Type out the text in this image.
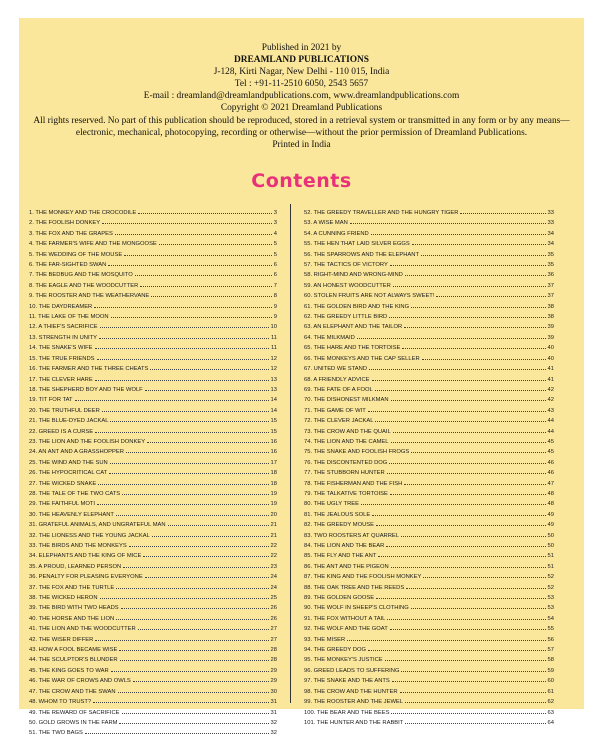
Published in 2021 by
DREAMLAND PUBLICATIONS
J-128, Kirti Nagar, New Delhi - 110 015, India
Tel : +91-11-2510 6050, 2543 5657
E-mail : dreamland@dreamlandpublications.com, www.dreamlandpublications.com
Copyright © 2021 Dreamland Publications
All rights reserved. No part of this publication should be reproduced, stored in a retrieval system or transmitted in any form or by any means—electronic, mechanical, photocopying, recording or otherwise—without the prior permission of Dreamland Publications.
Printed in India
Contents
1. THE MONKEY AND THE CROCODILE	3
2. THE FOOLISH DONKEY	3
3. THE FOX AND THE GRAPES	4
4. THE FARMER'S WIFE AND THE MONGOOSE	5
5. THE WEDDING OF THE MOUSE	5
6. THE FAR-SIGHTED SWAN	6
7. THE BEDBUG AND THE MOSQUITO	6
8. THE EAGLE AND THE WOODCUTTER	7
9. THE ROOSTER AND THE WEATHERVANE	8
10. THE DAYDREAMER	9
11. THE LAKE OF THE MOON	9
12. A THIEF'S SACRIFICE	10
13. STRENGTH IN UNITY	11
14. THE SNAKE'S WIFE	11
15. THE TRUE FRIENDS	12
16. THE FARMER AND THE THREE CHEATS	12
17. THE CLEVER HARE	13
18. THE SHEPHERD BOY AND THE WOLF	13
19. TIT FOR TAT	14
20. THE TRUTHFUL DEER	14
21. THE BLUE-DYED JACKAL	15
22. GREED IS A CURSE	15
23. THE LION AND THE FOOLISH DONKEY	16
24. AN ANT AND A GRASSHOPPER	16
25. THE WIND AND THE SUN	17
26. THE HYPOCRITICAL CAT	18
27. THE WICKED SNAKE	18
28. THE TALE OF THE TWO CATS	19
29. THE FAITHFUL MOTI	19
30. THE HEAVENLY ELEPHANT	20
31. GRATEFUL ANIMALS, AND UNGRATEFUL MAN	21
32. THE LIONESS AND THE YOUNG JACKAL	21
33. THE BIRDS AND THE MONKEYS	22
34. ELEPHANTS AND THE KING OF MICE	22
35. A PROUD, LEARNED PERSON	23
36. PENALTY FOR PLEASING EVERYONE	24
37. THE FOX AND THE TURTLE	24
38. THE WICKED HERON	25
39. THE BIRD WITH TWO HEADS	26
40. THE HORSE AND THE LION	26
41. THE LION AND THE WOODCUTTER	27
42. THE WISER DIFFER	27
43. HOW A FOOL BECAME WISE	28
44. THE SCULPTOR'S BLUNDER	28
45. THE KING GOES TO WAR	29
46. THE WAR OF CROWS AND OWLS	29
47. THE CROW AND THE SWAN	30
48. WHOM TO TRUST?	31
49. THE REWARD OF SACRIFICE	31
50. GOLD GROWS IN THE FARM	32
51. THE TWO BAGS	32
52. THE GREEDY TRAVELLER AND THE HUNGRY TIGER	33
53. A WISE MAN	33
54. A CUNNING FRIEND	34
55. THE HEN THAT LAID SILVER EGGS	34
56. THE SPARROWS AND THE ELEPHANT	35
57. THE TACTICS OF VICTORY	35
58. RIGHT-MIND AND WRONG-MIND	36
59. AN HONEST WOODCUTTER	37
60. STOLEN FRUITS ARE NOT ALWAYS SWEET!	37
61. THE GOLDEN BIRD AND THE KING	38
62. THE GREEDY LITTLE BIRD	38
63. AN ELEPHANT AND THE TAILOR	39
64. THE MILKMAID	39
65. THE HARE AND THE TORTOISE	40
66. THE MONKEYS AND THE CAP SELLER	40
67. UNITED WE STAND	41
68. A FRIENDLY ADVICE	41
69. THE FATE OF A FOOL	42
70. THE DISHONEST MILKMAN	42
71. THE GAME OF WIT	43
72. THE CLEVER JACKAL	44
73. THE CROW AND THE QUAIL	44
74. THE LION AND THE CAMEL	45
75. THE SNAKE AND FOOLISH FROGS	45
76. THE DISCONTENTED DOG	46
77. THE STUBBORN HUNTER	46
78. THE FISHERMAN AND THE FISH	47
79. THE TALKATIVE TORTOISE	48
80. THE UGLY TREE	48
81. THE JEALOUS SOLE	49
82. THE GREEDY MOUSE	49
83. TWO ROOSTERS AT QUARREL	50
84. THE LION AND THE BEAR	50
85. THE FLY AND THE ANT	51
86. THE ANT AND THE PIGEON	51
87. THE KING AND THE FOOLISH MONKEY	52
88. THE OAK TREE AND THE REEDS	52
89. THE GOLDEN GOOSE	53
90. THE WOLF IN SHEEP'S CLOTHING	53
91. THE FOX WITHOUT A TAIL	54
92. THE WOLF AND THE GOAT	55
93. THE MISER	56
94. THE GREEDY DOG	57
95. THE MONKEY'S JUSTICE	58
96. GREED LEADS TO SUFFERING	59
97. THE SNAKE AND THE ANTS	60
98. THE CROW AND THE HUNTER	61
99. THE ROOSTER AND THE JEWEL	62
100. THE BEAR AND THE BEES	63
101. THE HUNTER AND THE RABBIT	64
